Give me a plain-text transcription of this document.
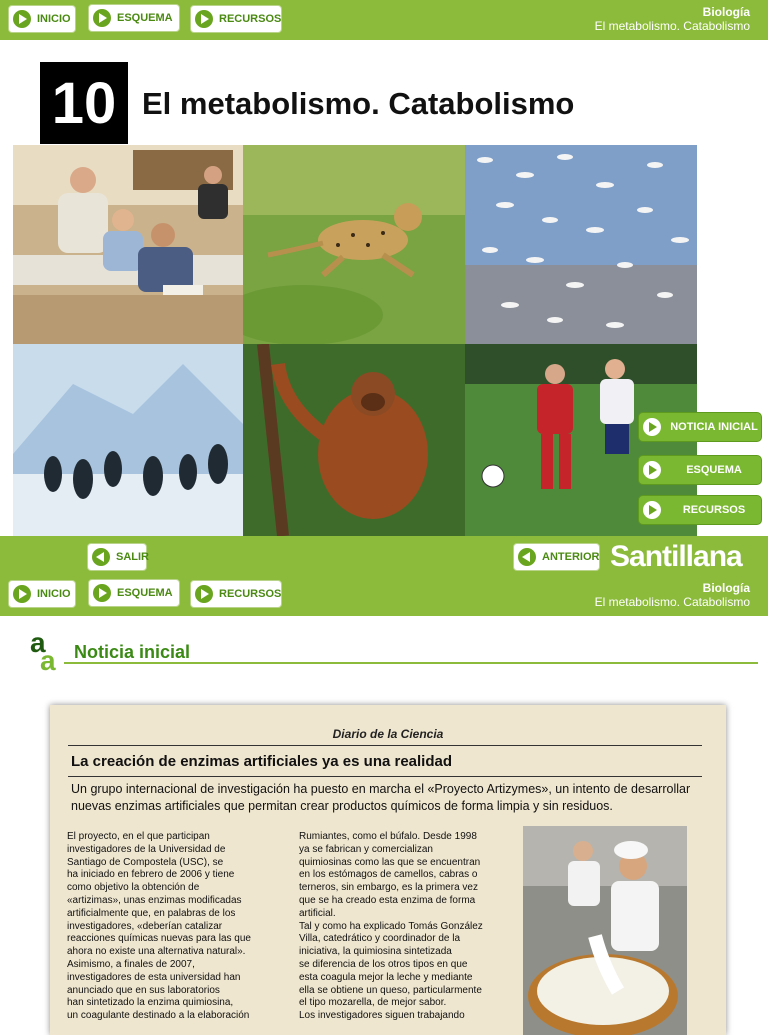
INICIO	ESQUEMA	RECURSOS	Biología
El metabolismo. Catabolismo
10 El metabolismo. Catabolismo
NOTICIA INICIAL
ESQUEMA
RECURSOS
SALIR	ANTERIOR
INICIO	ESQUEMA	RECURSOS	Biología
El metabolismo. Catabolismo
Santillana
a
a Noticia inicial
Diario de la Ciencia
La creación de enzimas artificiales ya es una realidad
Un grupo internacional de investigación ha puesto en marcha el «Proyecto Artizymes», un intento de desarrollar nuevas enzimas artificiales que permitan crear productos químicos de forma limpia y sin residuos.
El proyecto, en el que participan
investigadores de la Universidad de
Santiago de Compostela (USC), se
ha iniciado en febrero de 2006 y tiene
como objetivo la obtención de
«artizimas», unas enzimas modificadas
artificialmente que, en palabras de los
investigadores, «deberían catalizar
reacciones químicas nuevas para las que
ahora no existe una alternativa natural».
Asimismo, a finales de 2007,
investigadores de esta universidad han
anunciado que en sus laboratorios
han sintetizado la enzima quimiosina,
un coagulante destinado a la elaboración
Rumiantes, como el búfalo. Desde 1998
ya se fabrican y comercializan
quimiosinas como las que se encuentran
en los estómagos de camellos, cabras o
terneros, sin embargo, es la primera vez
que se ha creado esta enzima de forma
artificial.
Tal y como ha explicado Tomás González
Villa, catedrático y coordinador de la
iniciativa, la quimiosina sintetizada
se diferencia de los otros tipos en que
esta coagula mejor la leche y mediante
ella se obtiene un queso, particularmente
el tipo mozarella, de mejor sabor.
Los investigadores siguen trabajando
